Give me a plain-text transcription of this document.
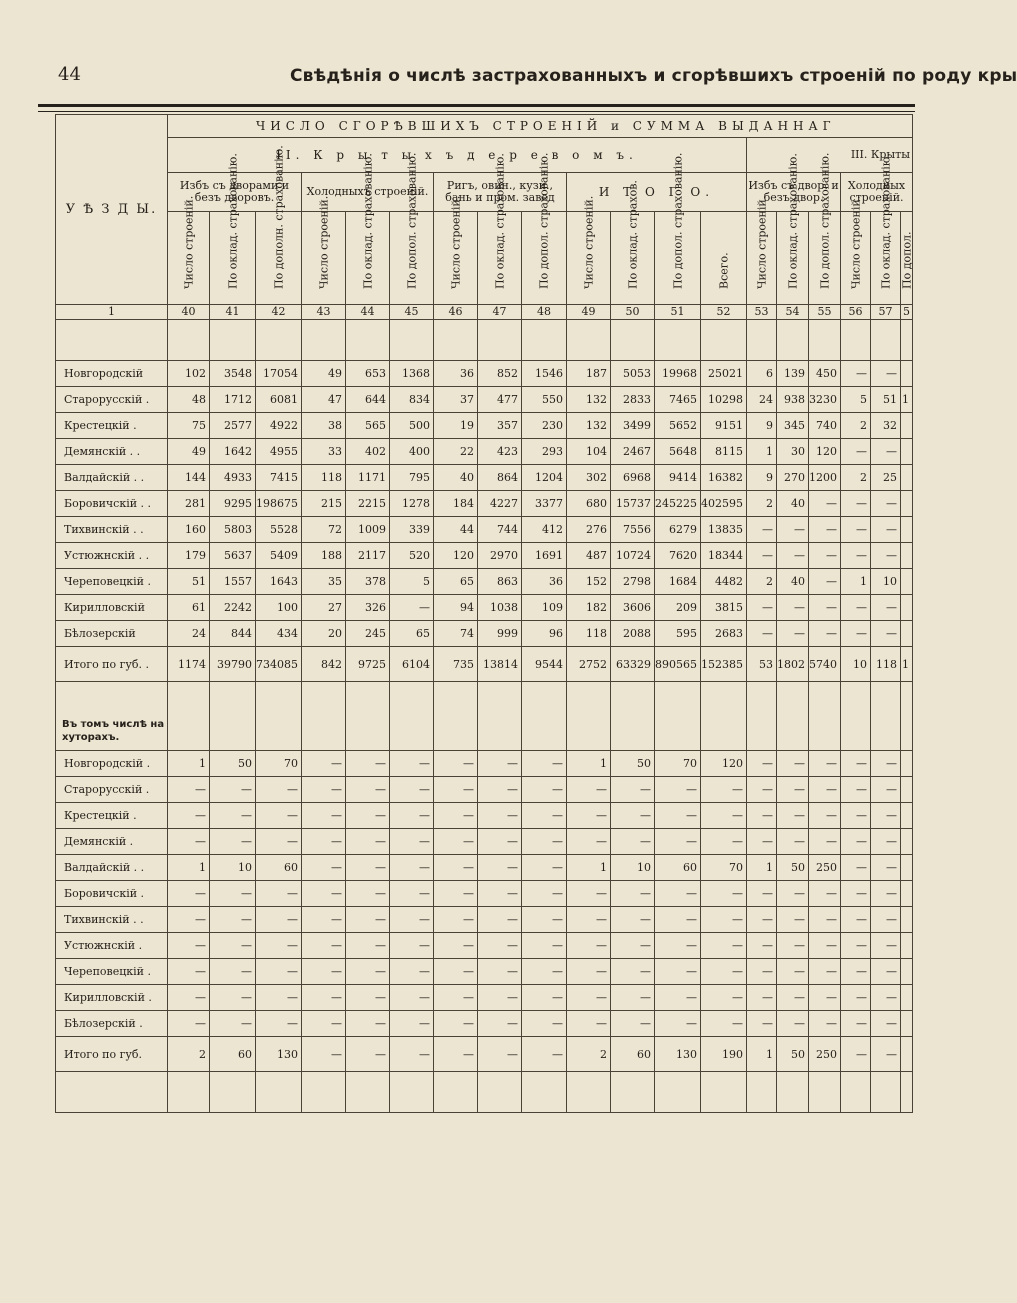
44	Свѣдѣнія о числѣ застрахованныхъ и сгорѣвшихъ строеній по роду кры
У Ѣ З Д Ы.	ЧИСЛО СГОРѢВШИХЪ СТРОЕНІЙ и СУММА ВЫДАННАГ																		
	II. К р ы т ы х ъ д е р е в о м ъ.													III. Крыты					
	Избъ съ дворами и безъ дворовъ.			Холодныхъ строеній.			Ригъ, овин., кузн., бань и пром. завед			И Т О Г О.				Избъ съ двор. и безъ двор.			Холодных строеній.		

	Число строеній.	По оклад. страхованію.	По дополн. страхованію.	Число строеній.	По оклад. страхованію.	По допол. страхованію.	Число строеній.	По оклад. страхованію.	По допол. страхованію.	Число строеній.	По оклад. страхов.	По допол. страхованію.	Всего.	Число строеній.	По оклад. страхованію.	По допол. страхованію.	Число строеній.	По оклад. страхованію.	По допол.

1	40	41	42	43	44	45	46	47	48	49	50	51	52	53	54	55	56	57	5

Новгородскій	102	3548	17054	49	653	1368	36	852	1546	187	5053	19968	25021	6	139	450	—	—	
Старорусскій .	48	1712	6081	47	644	834	37	477	550	132	2833	7465	10298	24	938	3230	5	51	1
Крестецкій .	75	2577	4922	38	565	500	19	357	230	132	3499	5652	9151	9	345	740	2	32	
Демянскій . .	49	1642	4955	33	402	400	22	423	293	104	2467	5648	8115	1	30	120	—	—	
Валдайскій . .	144	4933	7415	118	1171	795	40	864	1204	302	6968	9414	16382	9	270	1200	2	25	
Боровичскій . .	281	9295	198675	215	2215	1278	184	4227	3377	680	15737	245225	402595	2	40	—	—	—	
Тихвинскій . .	160	5803	5528	72	1009	339	44	744	412	276	7556	6279	13835	—	—	—	—	—	
Устюжнскій . .	179	5637	5409	188	2117	520	120	2970	1691	487	10724	7620	18344	—	—	—	—	—	
Череповецкій .	51	1557	1643	35	378	5	65	863	36	152	2798	1684	4482	2	40	—	1	10	
Кирилловскій	61	2242	100	27	326	—	94	1038	109	182	3606	209	3815	—	—	—	—	—	
Бѣлозерскій	24	844	434	20	245	65	74	999	96	118	2088	595	2683	—	—	—	—	—	
Итого по губ. .	1174	39790	734085	842	9725	6104	735	13814	9544	2752	63329	890565	152385	53	1802	5740	10	118	1
Въ томъ числѣ на хуторахъ.																			
Новгородскій .	1	50	70	—	—	—	—	—	—	1	50	70	120	—	—	—	—	—	
Старорусскій .	—	—	—	—	—	—	—	—	—	—	—	—	—	—	—	—	—	—	
Крестецкій .	—	—	—	—	—	—	—	—	—	—	—	—	—	—	—	—	—	—	
Демянскій .	—	—	—	—	—	—	—	—	—	—	—	—	—	—	—	—	—	—	
Валдайскій . .	1	10	60	—	—	—	—	—	—	1	10	60	70	1	50	250	—	—	
Боровичскій .	—	—	—	—	—	—	—	—	—	—	—	—	—	—	—	—	—	—	
Тихвинскій . .	—	—	—	—	—	—	—	—	—	—	—	—	—	—	—	—	—	—	
Устюжнскій .	—	—	—	—	—	—	—	—	—	—	—	—	—	—	—	—	—	—	
Череповецкій .	—	—	—	—	—	—	—	—	—	—	—	—	—	—	—	—	—	—	
Кирилловскій .	—	—	—	—	—	—	—	—	—	—	—	—	—	—	—	—	—	—	
Бѣлозерскій .	—	—	—	—	—	—	—	—	—	—	—	—	—	—	—	—	—	—	
Итого по губ.	2	60	130	—	—	—	—	—	—	2	60	130	190	1	50	250	—	—	
